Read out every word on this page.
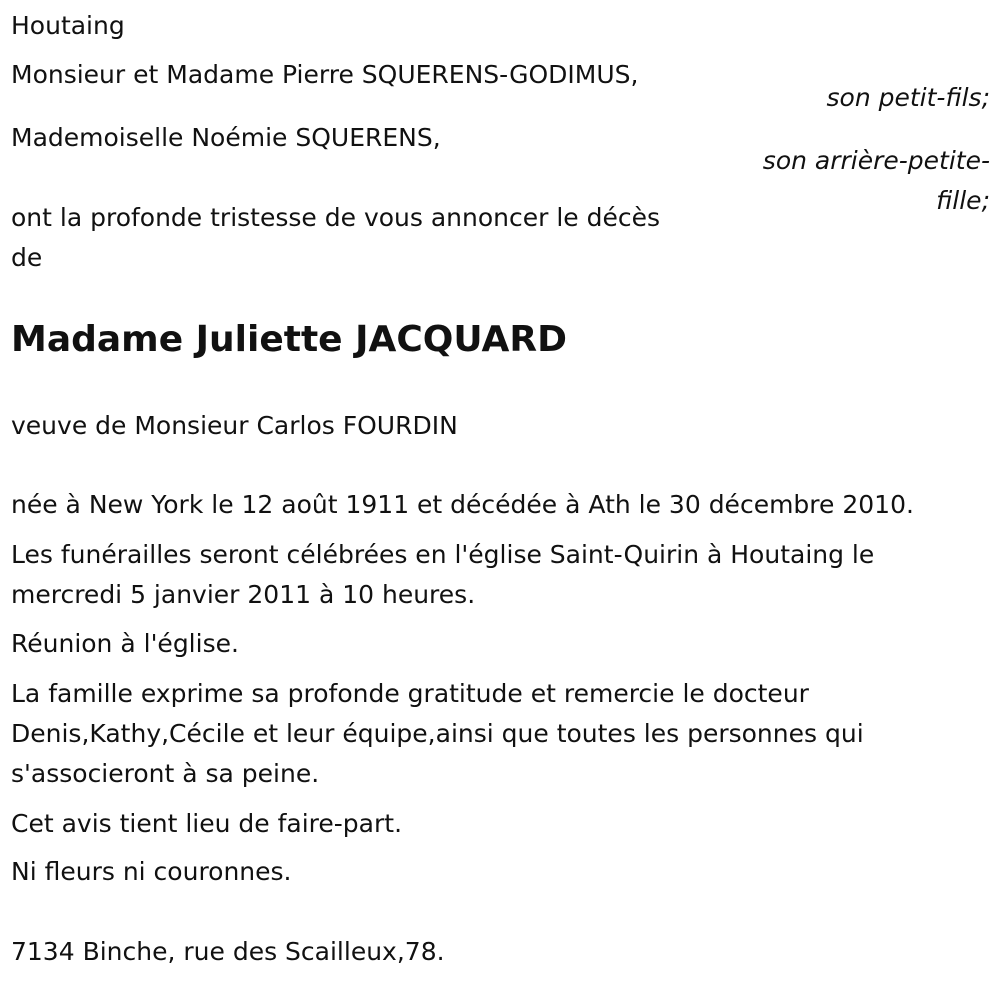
Houtaing
Monsieur et Madame Pierre SQUERENS-GODIMUS,
son petit-fils;
Mademoiselle Noémie SQUERENS,
son arrière-petite-
fille;
ont la profonde tristesse de vous annoncer le décès
de
Madame Juliette JACQUARD
veuve de Monsieur Carlos FOURDIN
née à New York le 12 août 1911 et décédée à Ath le 30 décembre 2010.
Les funérailles seront célébrées en l'église Saint-Quirin à Houtaing le
mercredi 5 janvier 2011 à 10 heures.
Réunion à l'église.
La famille exprime sa profonde gratitude et remercie le docteur
Denis,Kathy,Cécile et leur équipe,ainsi que toutes les personnes qui
s'associeront à sa peine.
Cet avis tient lieu de faire-part.
Ni fleurs ni couronnes.
7134 Binche, rue des Scailleux,78.
